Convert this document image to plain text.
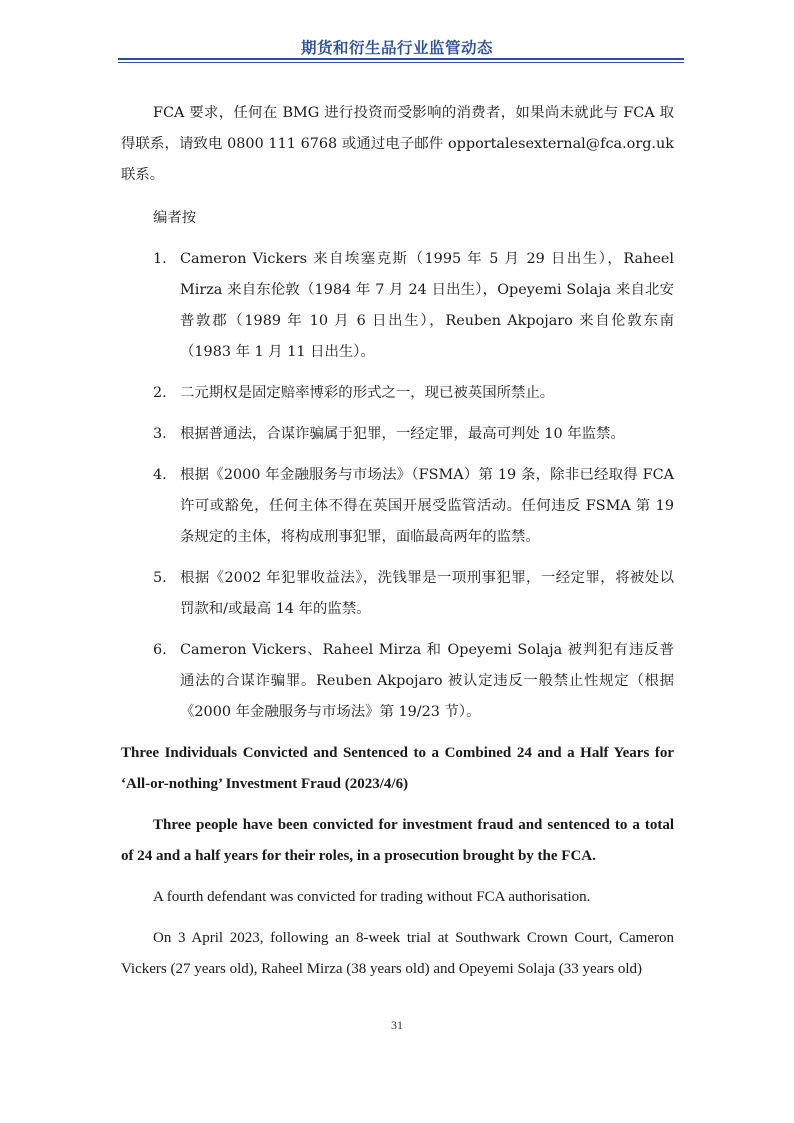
期货和衍生品行业监管动态

FCA 要求，任何在 BMG 进行投资而受影响的消费者，如果尚未就此与 FCA 取得联系，请致电 0800 111 6768 或通过电子邮件 opportalesexternal@fca.org.uk 联系。

编者按

1. Cameron Vickers 来自埃塞克斯（1995 年 5 月 29 日出生），Raheel Mirza 来自东伦敦（1984 年 7 月 24 日出生），Opeyemi Solaja 来自北安普敦郡（1989 年 10 月 6 日出生），Reuben Akpojaro 来自伦敦东南（1983 年 1 月 11 日出生）。
2. 二元期权是固定赔率博彩的形式之一，现已被英国所禁止。
3. 根据普通法，合谋诈骗属于犯罪，一经定罪，最高可判处 10 年监禁。
4. 根据《2000 年金融服务与市场法》（FSMA）第 19 条，除非已经取得 FCA 许可或豁免，任何主体不得在英国开展受监管活动。任何违反 FSMA 第 19 条规定的主体，将构成刑事犯罪，面临最高两年的监禁。
5. 根据《2002 年犯罪收益法》，洗钱罪是一项刑事犯罪，一经定罪，将被处以罚款和/或最高 14 年的监禁。
6. Cameron Vickers、Raheel Mirza 和 Opeyemi Solaja 被判犯有违反普通法的合谋诈骗罪。Reuben Akpojaro 被认定违反一般禁止性规定（根据《2000 年金融服务与市场法》第 19/23 节）。

Three Individuals Convicted and Sentenced to a Combined 24 and a Half Years for ‘All-or-nothing’ Investment Fraud (2023/4/6)

Three people have been convicted for investment fraud and sentenced to a total of 24 and a half years for their roles, in a prosecution brought by the FCA.

A fourth defendant was convicted for trading without FCA authorisation.

On 3 April 2023, following an 8-week trial at Southwark Crown Court, Cameron Vickers (27 years old), Raheel Mirza (38 years old) and Opeyemi Solaja (33 years old)

31
